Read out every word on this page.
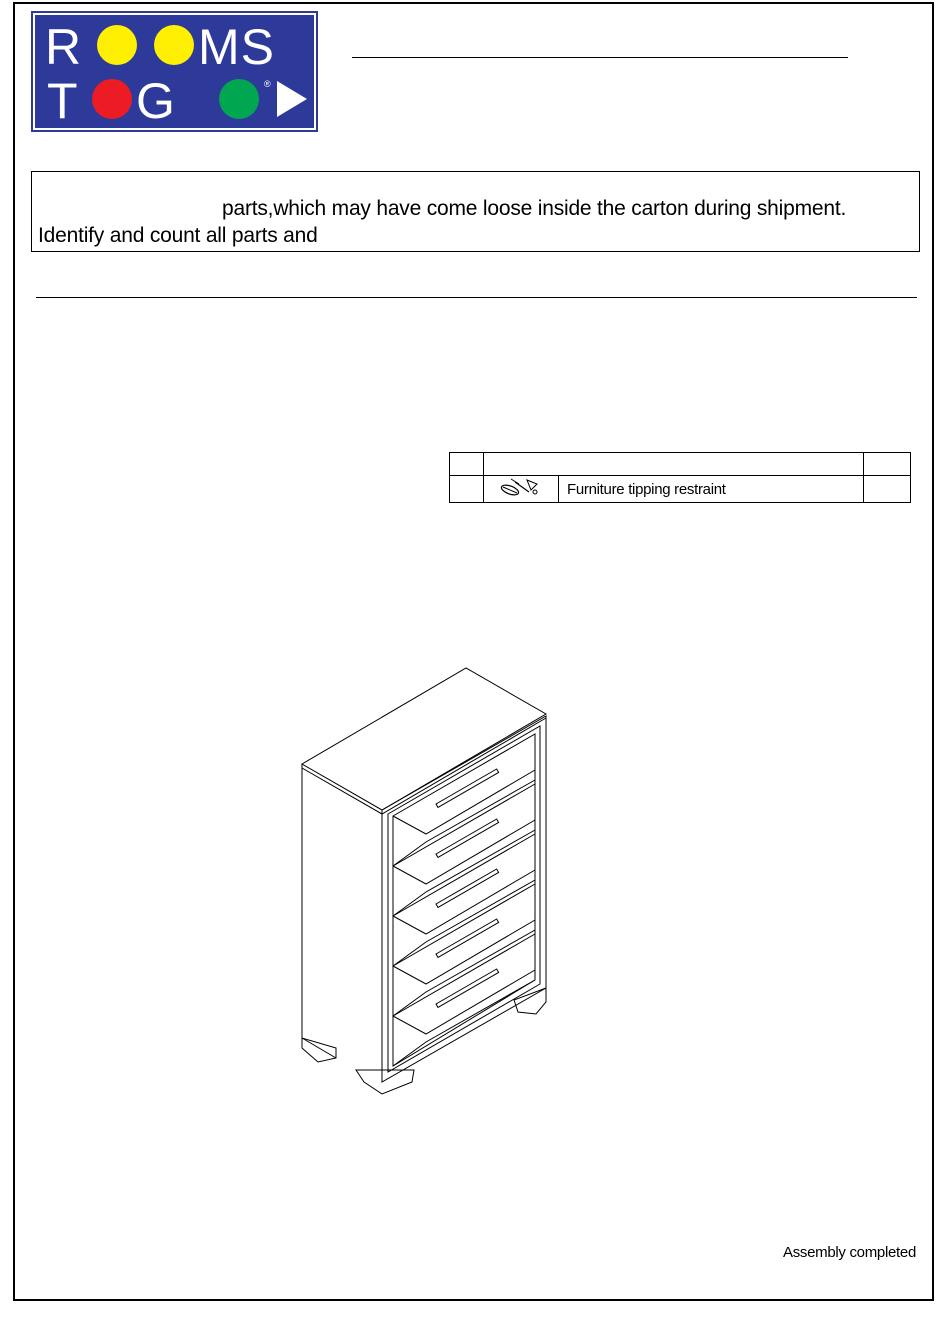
R MS
T G	®
parts,which may have come loose inside the carton during shipment.
Identify and count all parts and

		Furniture tipping restraint	
Assembly completed
